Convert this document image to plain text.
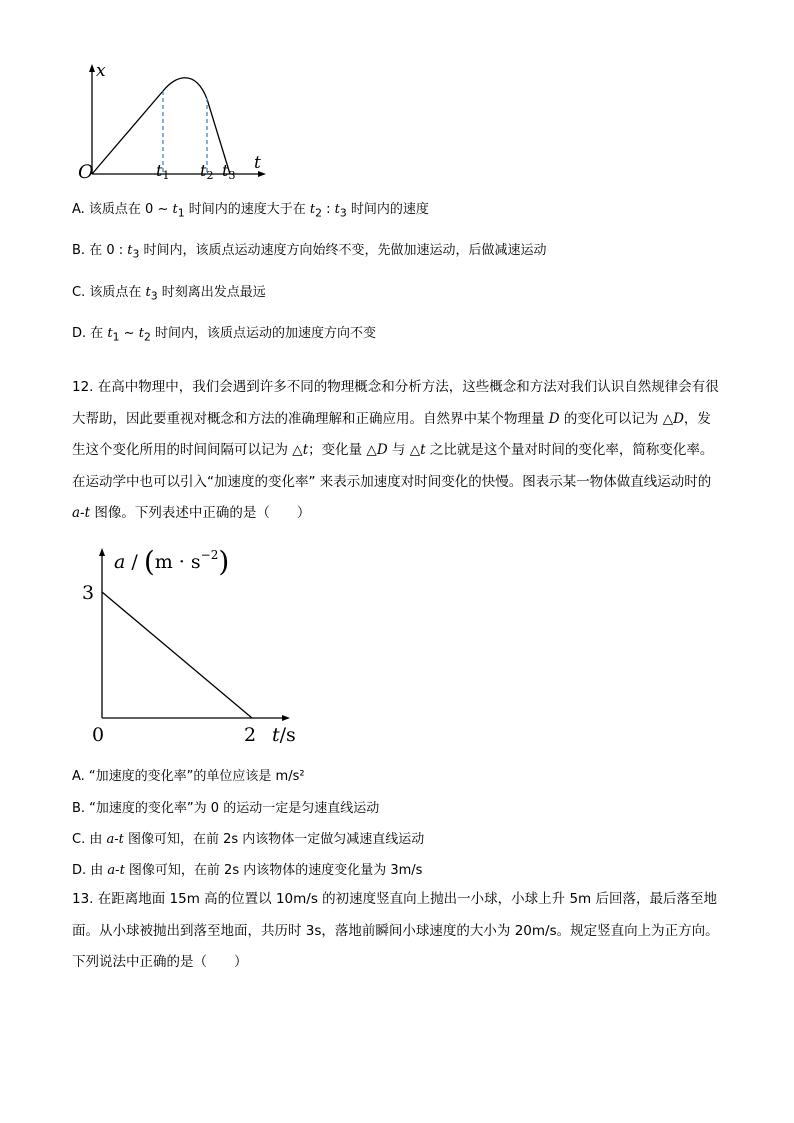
x
t
O	t1 t2 t3
A. 该质点在 0 ~ $t_1$ 时间内的速度大于在 $t_2$ : $t_3$ 时间内的速度
B. 在 0 : $t_3$ 时间内，该质点运动速度方向始终不变，先做加速运动，后做减速运动
C. 该质点在 $t_3$ 时刻离出发点最远
D. 在 $t_1$ ~ $t_2$ 时间内，该质点运动的加速度方向不变
12. 在高中物理中，我们会遇到许多不同的物理概念和分析方法，这些概念和方法对我们认识自然规律会有很大帮助，因此要重视对概念和方法的准确理解和正确应用。自然界中某个物理量 D 的变化可以记为 △D，发生这个变化所用的时间间隔可以记为 △t；变化量 △D 与 △t 之比就是这个量对时间的变化率，简称变化率。 在运动学中也可以引入“加速度的变化率” 来表示加速度对时间变化的快慢。图表示某一物体做直线运动时的 a-t 图像。下列表述中正确的是（　　）
$a / (m \cdot s^{-2})$
3
0	2 t/s
A. “加速度的变化率”的单位应该是 m/s²
B. “加速度的变化率”为 0 的运动一定是匀速直线运动
C. 由 a-t 图像可知，在前 2s 内该物体一定做匀减速直线运动
D. 由 a-t 图像可知，在前 2s 内该物体的速度变化量为 3m/s
13. 在距离地面 15m 高的位置以 10m/s 的初速度竖直向上抛出一小球，小球上升 5m 后回落，最后落至地面。从小球被抛出到落至地面，共历时 3s，落地前瞬间小球速度的大小为 20m/s。规定竖直向上为正方向。下列说法中正确的是（　　）
